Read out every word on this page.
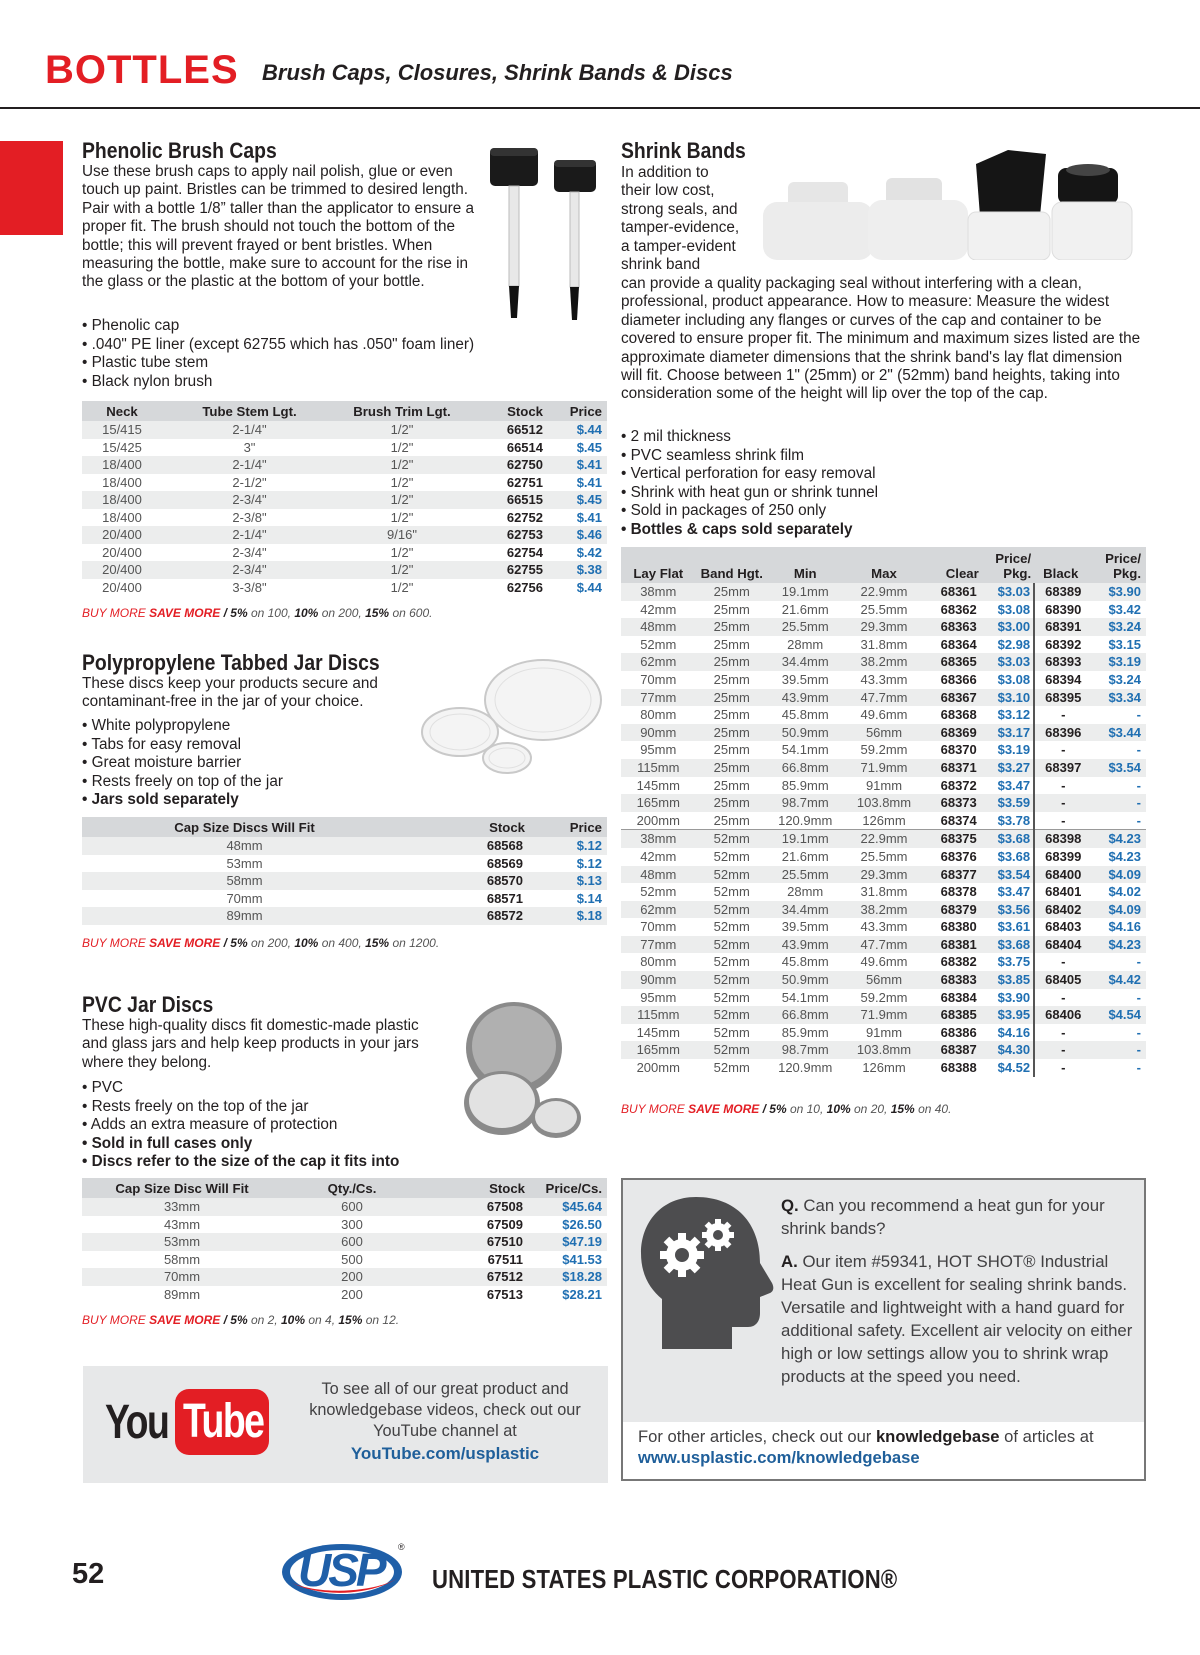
BOTTLES Brush Caps, Closures, Shrink Bands & Discs
Phenolic Brush Caps
Use these brush caps to apply nail polish, glue or even touch up paint. Bristles can be trimmed to desired length. Pair with a bottle 1/8” taller than the applicator to ensure a proper fit. The brush should not touch the bottom of the bottle; this will prevent frayed or bent bristles. When measuring the bottle, make sure to account for the rise in the glass or the plastic at the bottom of your bottle.
• Phenolic cap
• .040" PE liner (except 62755 which has .050" foam liner)
• Plastic tube stem
• Black nylon brush
Neck	Tube Stem Lgt.	Brush Trim Lgt.	Stock	Price
15/415	2-1/4"	1/2"	66512	$.44
15/425	3"	1/2"	66514	$.45
18/400	2-1/4"	1/2"	62750	$.41
18/400	2-1/2"	1/2"	62751	$.41
18/400	2-3/4"	1/2"	66515	$.45
18/400	2-3/8"	1/2"	62752	$.41
20/400	2-1/4"	9/16"	62753	$.46
20/400	2-3/4"	1/2"	62754	$.42
20/400	2-3/4"	1/2"	62755	$.38
20/400	3-3/8"	1/2"	62756	$.44
BUY MORE SAVE MORE / 5% on 100, 10% on 200, 15% on 600.
Polypropylene Tabbed Jar Discs
These discs keep your products secure and contaminant-free in the jar of your choice.
• White polypropylene
• Tabs for easy removal
• Great moisture barrier
• Rests freely on top of the jar
• Jars sold separately
Cap Size Discs Will Fit	Stock	Price
48mm	68568	$.12
53mm	68569	$.12
58mm	68570	$.13
70mm	68571	$.14
89mm	68572	$.18
BUY MORE SAVE MORE / 5% on 200, 10% on 400, 15% on 1200.
PVC Jar Discs
These high-quality discs fit domestic-made plastic and glass jars and help keep products in your jars where they belong.
• PVC
• Rests freely on the top of the jar
• Adds an extra measure of protection
• Sold in full cases only
• Discs refer to the size of the cap it fits into
Cap Size Disc Will Fit	Qty./Cs.	Stock	Price/Cs.
33mm	600	67508	$45.64
43mm	300	67509	$26.50
53mm	600	67510	$47.19
58mm	500	67511	$41.53
70mm	200	67512	$18.28
89mm	200	67513	$28.21
BUY MORE SAVE MORE / 5% on 2, 10% on 4, 15% on 12.
You Tube
To see all of our great product and knowledgebase videos, check out our YouTube channel at
YouTube.com/usplastic
Shrink Bands
In addition to
their low cost,
strong seals, and
tamper-evidence,
a tamper-evident
shrink band
can provide a quality packaging seal without interfering with a clean, professional, product appearance. How to measure: Measure the widest diameter including any flanges or curves of the cap and container to be covered to ensure proper fit. The minimum and maximum sizes listed are the approximate diameter dimensions that the shrink band's lay flat dimension will fit. Choose between 1" (25mm) or 2" (52mm) band heights, taking into consideration some of the height will lip over the top of the cap.
• 2 mil thickness
• PVC seamless shrink film
• Vertical perforation for easy removal
• Shrink with heat gun or shrink tunnel
• Sold in packages of 250 only
• Bottles & caps sold separately
Lay Flat	Band Hgt.	Min	Max	Clear	Price/ Pkg.	Black	Price/ Pkg.
38mm	25mm	19.1mm	22.9mm	68361	$3.03	68389	$3.90
42mm	25mm	21.6mm	25.5mm	68362	$3.08	68390	$3.42
48mm	25mm	25.5mm	29.3mm	68363	$3.00	68391	$3.24
52mm	25mm	28mm	31.8mm	68364	$2.98	68392	$3.15
62mm	25mm	34.4mm	38.2mm	68365	$3.03	68393	$3.19
70mm	25mm	39.5mm	43.3mm	68366	$3.08	68394	$3.24
77mm	25mm	43.9mm	47.7mm	68367	$3.10	68395	$3.34
80mm	25mm	45.8mm	49.6mm	68368	$3.12	-	-
90mm	25mm	50.9mm	56mm	68369	$3.17	68396	$3.44
95mm	25mm	54.1mm	59.2mm	68370	$3.19	-	-
115mm	25mm	66.8mm	71.9mm	68371	$3.27	68397	$3.54
145mm	25mm	85.9mm	91mm	68372	$3.47	-	-
165mm	25mm	98.7mm	103.8mm	68373	$3.59	-	-
200mm	25mm	120.9mm	126mm	68374	$3.78	-	-
38mm	52mm	19.1mm	22.9mm	68375	$3.68	68398	$4.23
42mm	52mm	21.6mm	25.5mm	68376	$3.68	68399	$4.23
48mm	52mm	25.5mm	29.3mm	68377	$3.54	68400	$4.09
52mm	52mm	28mm	31.8mm	68378	$3.47	68401	$4.02
62mm	52mm	34.4mm	38.2mm	68379	$3.56	68402	$4.09
70mm	52mm	39.5mm	43.3mm	68380	$3.61	68403	$4.16
77mm	52mm	43.9mm	47.7mm	68381	$3.68	68404	$4.23
80mm	52mm	45.8mm	49.6mm	68382	$3.75	-	-
90mm	52mm	50.9mm	56mm	68383	$3.85	68405	$4.42
95mm	52mm	54.1mm	59.2mm	68384	$3.90	-	-
115mm	52mm	66.8mm	71.9mm	68385	$3.95	68406	$4.54
145mm	52mm	85.9mm	91mm	68386	$4.16	-	-
165mm	52mm	98.7mm	103.8mm	68387	$4.30	-	-
200mm	52mm	120.9mm	126mm	68388	$4.52	-	-
BUY MORE SAVE MORE / 5% on 10, 10% on 20, 15% on 40.
Q. Can you recommend a heat gun for your shrink bands?
A. Our item #59341, HOT SHOT® Industrial Heat Gun is excellent for sealing shrink bands. Versatile and lightweight with a hand guard for additional safety. Excellent air velocity on either high or low settings allow you to shrink wrap products at the speed you need.
For other articles, check out our knowledgebase of articles at www.usplastic.com/knowledgebase
52	USP ®
UNITED STATES PLASTIC CORPORATION®
